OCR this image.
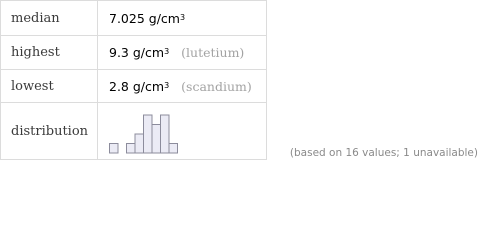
median	7.025 $g/cm^3$
highest	9.3 $g/cm^3$ (lutetium)
lowest	2.8 $g/cm^3$ (scandium)
distribution
(based on 16 values; 1 unavailable)
